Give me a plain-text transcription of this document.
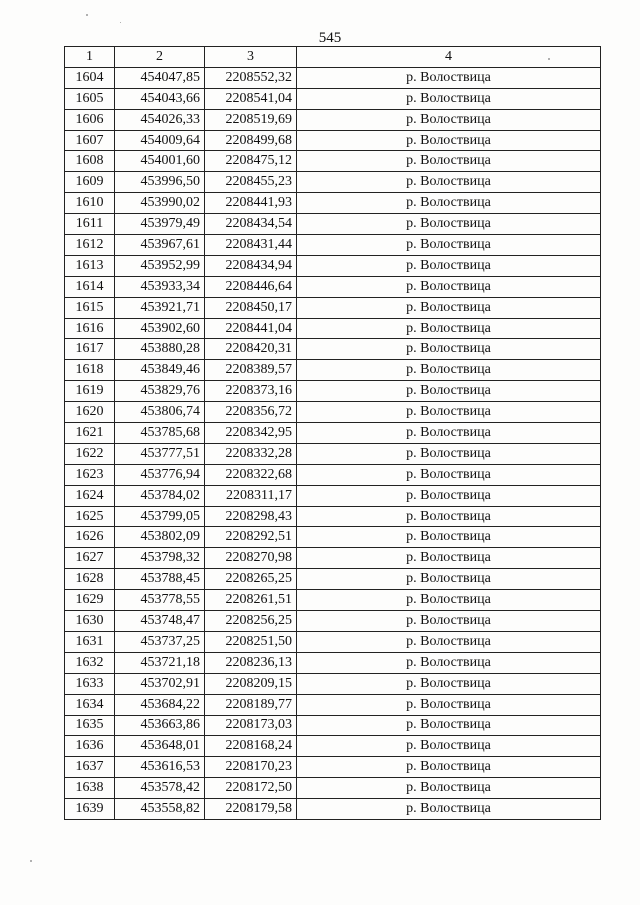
545
1	2	3	4
1604	454047,85	2208552,32	р. Волоствица
1605	454043,66	2208541,04	р. Волоствица
1606	454026,33	2208519,69	р. Волоствица
1607	454009,64	2208499,68	р. Волоствица
1608	454001,60	2208475,12	р. Волоствица
1609	453996,50	2208455,23	р. Волоствица
1610	453990,02	2208441,93	р. Волоствица
1611	453979,49	2208434,54	р. Волоствица
1612	453967,61	2208431,44	р. Волоствица
1613	453952,99	2208434,94	р. Волоствица
1614	453933,34	2208446,64	р. Волоствица
1615	453921,71	2208450,17	р. Волоствица
1616	453902,60	2208441,04	р. Волоствица
1617	453880,28	2208420,31	р. Волоствица
1618	453849,46	2208389,57	р. Волоствица
1619	453829,76	2208373,16	р. Волоствица
1620	453806,74	2208356,72	р. Волоствица
1621	453785,68	2208342,95	р. Волоствица
1622	453777,51	2208332,28	р. Волоствица
1623	453776,94	2208322,68	р. Волоствица
1624	453784,02	2208311,17	р. Волоствица
1625	453799,05	2208298,43	р. Волоствица
1626	453802,09	2208292,51	р. Волоствица
1627	453798,32	2208270,98	р. Волоствица
1628	453788,45	2208265,25	р. Волоствица
1629	453778,55	2208261,51	р. Волоствица
1630	453748,47	2208256,25	р. Волоствица
1631	453737,25	2208251,50	р. Волоствица
1632	453721,18	2208236,13	р. Волоствица
1633	453702,91	2208209,15	р. Волоствица
1634	453684,22	2208189,77	р. Волоствица
1635	453663,86	2208173,03	р. Волоствица
1636	453648,01	2208168,24	р. Волоствица
1637	453616,53	2208170,23	р. Волоствица
1638	453578,42	2208172,50	р. Волоствица
1639	453558,82	2208179,58	р. Волоствица
